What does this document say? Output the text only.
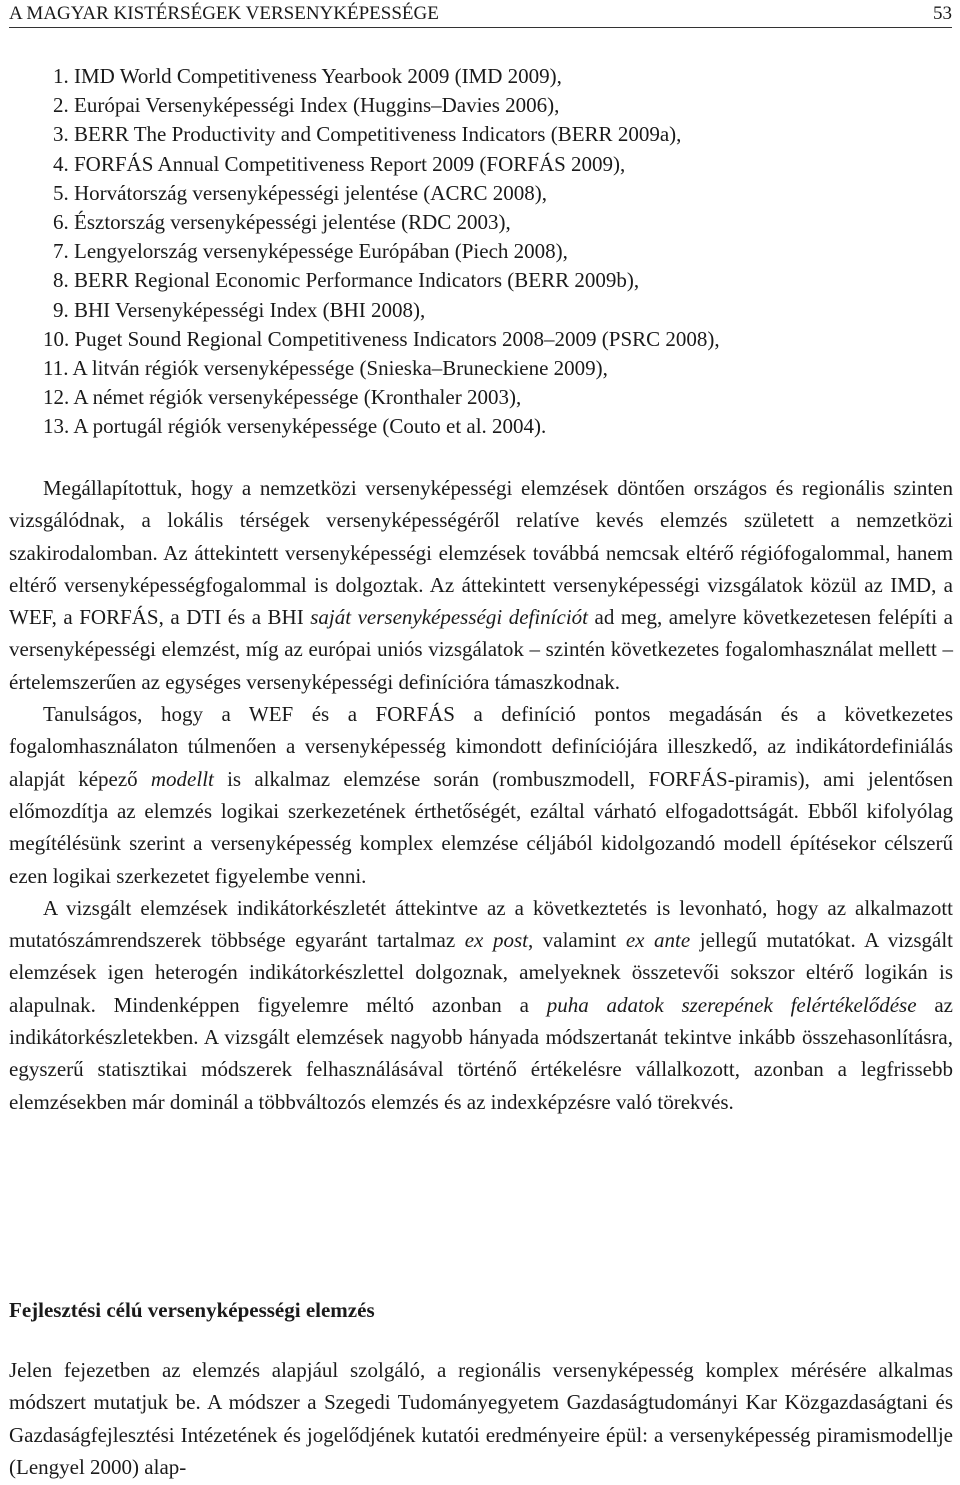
A MAGYAR KISTÉRSÉGEK VERSENYKÉPESSÉGE	53
1. IMD World Competitiveness Yearbook 2009 (IMD 2009),
2. Európai Versenyképességi Index (Huggins–Davies 2006),
3. BERR The Productivity and Competitiveness Indicators (BERR 2009a),
4. FORFÁS Annual Competitiveness Report 2009 (FORFÁS 2009),
5. Horvátország versenyképességi jelentése (ACRC 2008),
6. Észtország versenyképességi jelentése (RDC 2003),
7. Lengyelország versenyképessége Európában (Piech 2008),
8. BERR Regional Economic Performance Indicators (BERR 2009b),
9. BHI Versenyképességi Index (BHI 2008),
10. Puget Sound Regional Competitiveness Indicators 2008–2009 (PSRC 2008),
11. A litván régiók versenyképessége (Snieska–Bruneckiene 2009),
12. A német régiók versenyképessége (Kronthaler 2003),
13. A portugál régiók versenyképessége (Couto et al. 2004).

Megállapítottuk, hogy a nemzetközi versenyképességi elemzések döntően országos és regionális szinten vizsgálódnak, a lokális térségek versenyképességéről relatíve kevés elemzés született a nemzetközi szakirodalomban. Az áttekintett versenyképességi elemzések továbbá nemcsak eltérő régiófogalommal, hanem eltérő versenyképességfogalommal is dolgoztak. Az áttekintett versenyképességi vizsgálatok közül az IMD, a WEF, a FORFÁS, a DTI és a BHI saját versenyképességi definíciót ad meg, amelyre következetesen felépíti a versenyképességi elemzést, míg az európai uniós vizsgálatok – szintén következetes fogalomhasználat mellett – értelemszerűen az egységes versenyképességi definícióra támaszkodnak.

Tanulságos, hogy a WEF és a FORFÁS a definíció pontos megadásán és a következetes fogalomhasználaton túlmenően a versenyképesség kimondott definíciójára illeszkedő, az indikátordefiniálás alapját képező modellt is alkalmaz elemzése során (rombuszmodell, FORFÁS-piramis), ami jelentősen előmozdítja az elemzés logikai szerkezetének érthetőségét, ezáltal várható elfogadottságát. Ebből kifolyólag megítélésünk szerint a versenyképesség komplex elemzése céljából kidolgozandó modell építésekor célszerű ezen logikai szerkezetet figyelembe venni.

A vizsgált elemzések indikátorkészletét áttekintve az a következtetés is levonható, hogy az alkalmazott mutatószámrendszerek többsége egyaránt tartalmaz ex post, valamint ex ante jellegű mutatókat. A vizsgált elemzések igen heterogén indikátorkészlettel dolgoznak, amelyeknek összetevői sokszor eltérő logikán is alapulnak. Mindenképpen figyelemre méltó azonban a puha adatok szerepének felértékelődése az indikátorkészletekben. A vizsgált elemzések nagyobb hányada módszertanát tekintve inkább összehasonlításra, egyszerű statisztikai módszerek felhasználásával történő értékelésre vállalkozott, azonban a legfrissebb elemzésekben már dominál a többváltozós elemzés és az indexképzésre való törekvés.

Fejlesztési célú versenyképességi elemzés

Jelen fejezetben az elemzés alapjául szolgáló, a regionális versenyképesség komplex mérésére alkalmas módszert mutatjuk be. A módszer a Szegedi Tudományegyetem Gazdaságtudományi Kar Közgazdaságtani és Gazdaságfejlesztési Intézetének és jogelődjének kutatói eredményeire épül: a versenyképesség piramismodellje (Lengyel 2000) alap-
